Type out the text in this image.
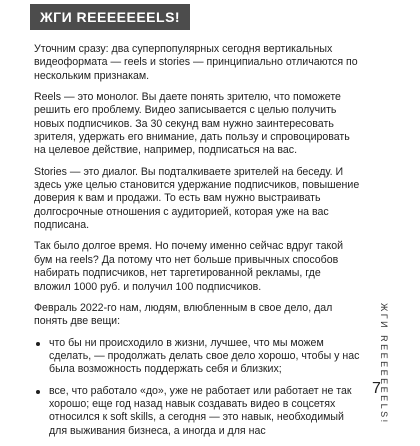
ЖГИ REEEEEEELS!

Уточним сразу: два суперпопулярных сегодня вертикальных видеоформата — reels и stories — принципиально отличаются по нескольким признакам.

Reels — это монолог. Вы даете понять зрителю, что поможете решить его проблему. Видео записывается с целью получить новых подписчиков. За 30 секунд вам нужно заинтересовать зрителя, удержать его внимание, дать пользу и спровоцировать на целевое действие, например, подписаться на вас.

Stories — это диалог. Вы подталкиваете зрителей на беседу. И здесь уже целью становится удержание подписчиков, повышение доверия к вам и продажи. То есть вам нужно выстраивать долгосрочные отношения с аудиторией, которая уже на вас подписана.

Так было долгое время. Но почему именно сейчас вдруг такой бум на reels? Да потому что нет больше привычных способов набирать подписчиков, нет таргетированной рекламы, где вложил 1000 руб. и получил 100 подписчиков.

Февраль 2022-го нам, людям, влюбленным в свое дело, дал понять две вещи:

что бы ни происходило в жизни, лучшее, что мы можем сделать, — продолжать делать свое дело хорошо, чтобы у нас была возможность поддержать себя и близких;
все, что работало «до», уже не работает или работает не так хорошо; еще год назад навык создавать видео в соцсетях относился к soft skills, а сегодня — это навык, необходимый для выживания бизнеса, а иногда и для нас
ЖГИ REEEEEEELS!
7
